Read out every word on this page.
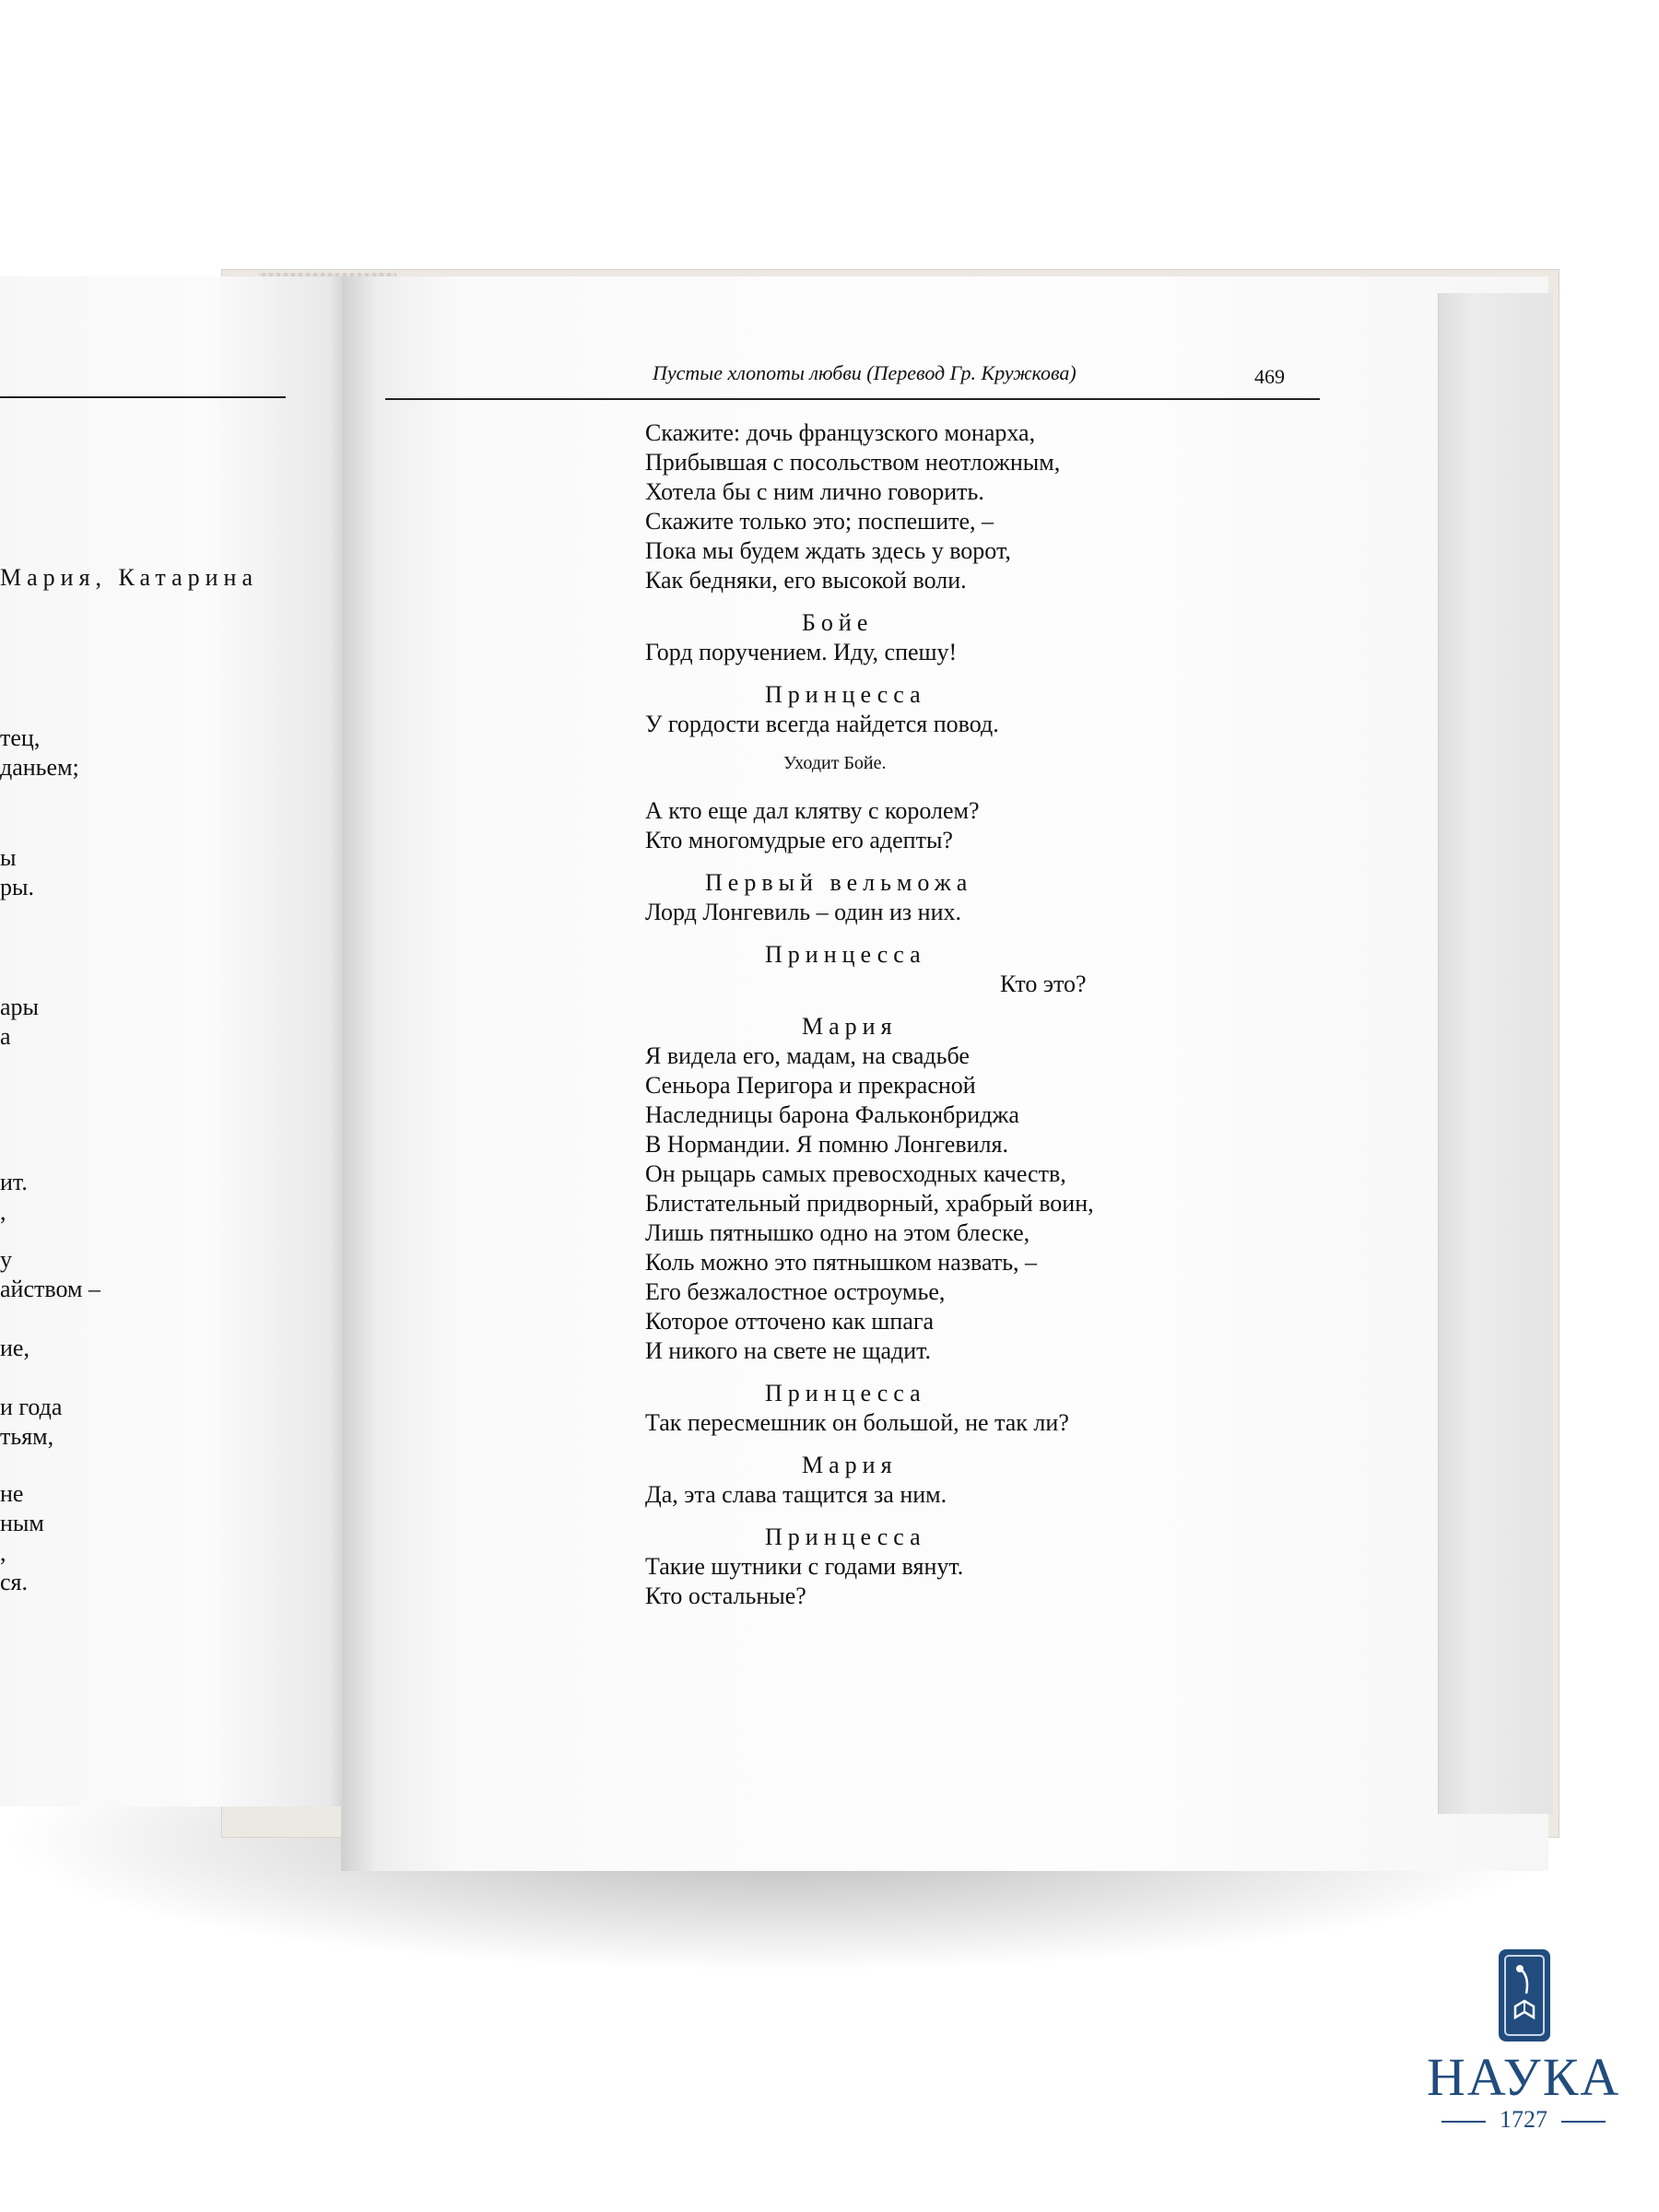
Пустые хлопоты любви (Перевод Гр. Кружкова)	469
Скажите: дочь французского монарха,
Прибывшая с посольством неотложным,
Хотела бы с ним лично говорить.
Скажите только это; поспешите, –
Пока мы будем ждать здесь у ворот,
Как бедняки, его высокой воли.
Бойе
Горд поручением. Иду, спешу!
Принцесса
У гордости всегда найдется повод.
Уходит Бойе.
А кто еще дал клятву с королем?
Кто многомудрые его адепты?
Первый вельможа
Лорд Лонгевиль – один из них.
Принцесса
Кто это?
Мария
Я видела его, мадам, на свадьбе
Сеньора Перигора и прекрасной
Наследницы барона Фальконбриджа
В Нормандии. Я помню Лонгевиля.
Он рыцарь самых превосходных качеств,
Блистательный придворный, храбрый воин,
Лишь пятнышко одно на этом блеске,
Коль можно это пятнышком назвать, –
Его безжалостное остроумье,
Которое отточено как шпага
И никого на свете не щадит.
Принцесса
Так пересмешник он большой, не так ли?
Мария
Да, эта слава тащится за ним.
Принцесса
Такие шутники с годами вянут.
Кто остальные?
Мария, Катарина
тец,
даньем;
ы
ры.
ары
а
ит.
,
у
айством –
ие,
и года
тьям,
не
ным
,
ся.
НАУКА
1727
